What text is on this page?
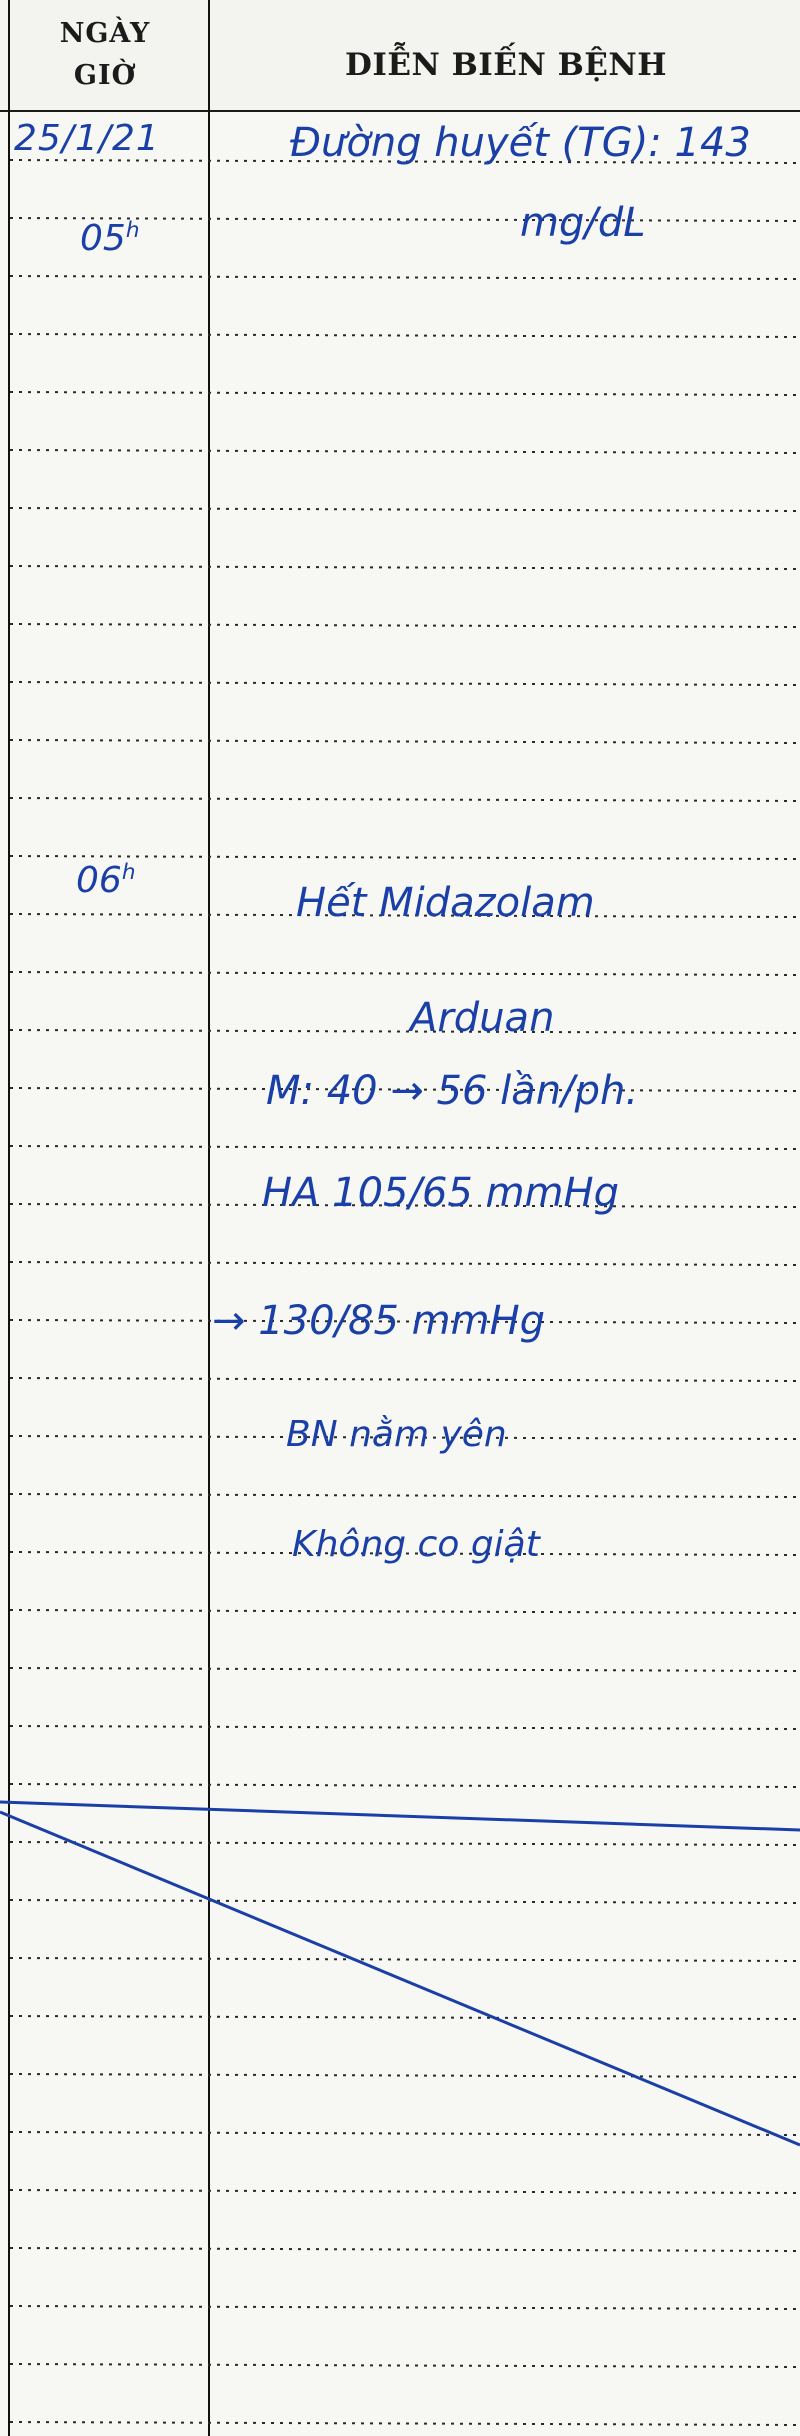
NGÀY
GIỜ	DIỄN BIẾN BỆNH
25/1/21
05$^h$
Đường huyết (TG): 143
mg/dL
06$^h$
Hết Midazolam
Arduan
M: 40 → 56 lần/ph.
HA 105/65 mmHg
→ 130/85 mmHg
BN nằm yên
Không co giật
